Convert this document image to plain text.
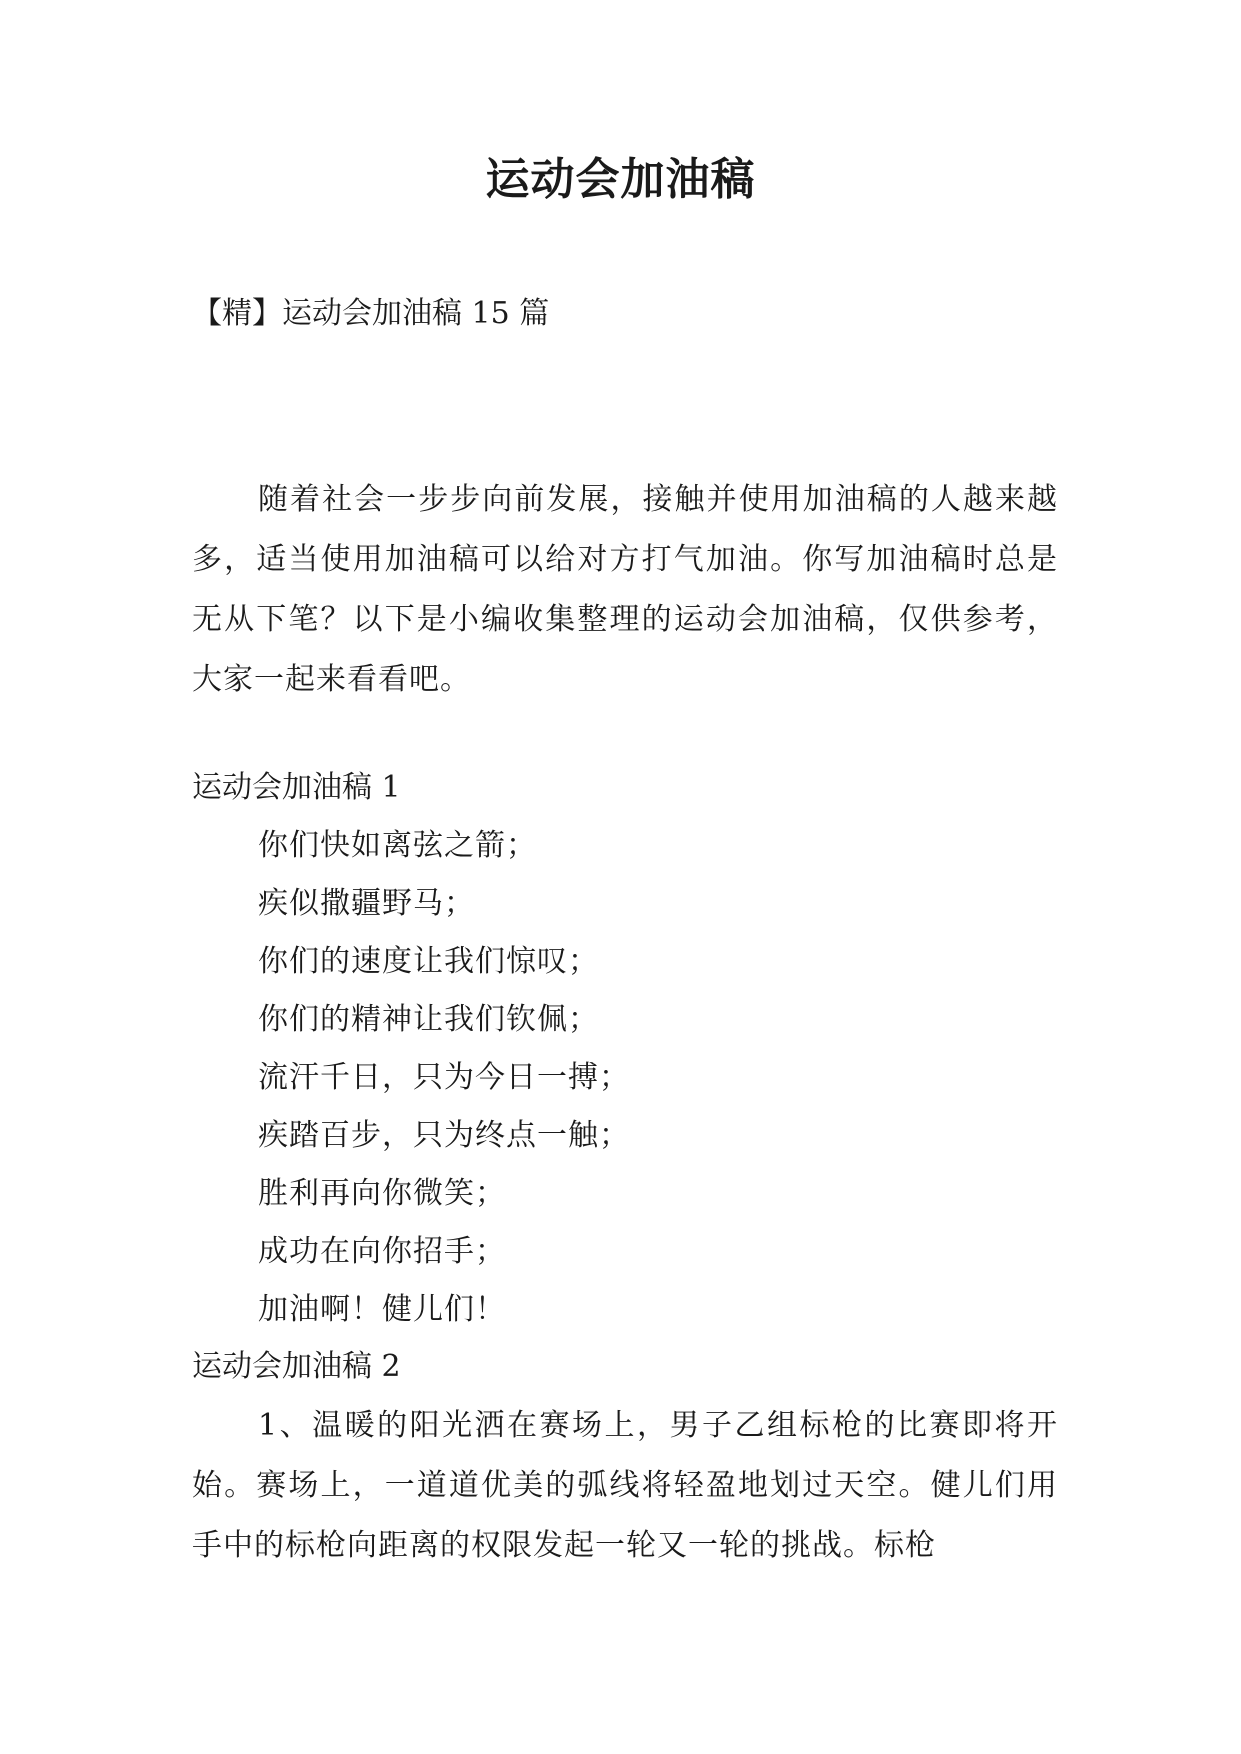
运动会加油稿
【精】运动会加油稿 15 篇

随着社会一步步向前发展，接触并使用加油稿的人越来越多，适当使用加油稿可以给对方打气加油。你写加油稿时总是无从下笔？以下是小编收集整理的运动会加油稿，仅供参考，大家一起来看看吧。

运动会加油稿 1

你们快如离弦之箭；

疾似撒疆野马；

你们的速度让我们惊叹；

你们的精神让我们钦佩；

流汗千日，只为今日一搏；

疾踏百步，只为终点一触；

胜利再向你微笑；

成功在向你招手；

加油啊！健儿们！

运动会加油稿 2

1、温暖的阳光洒在赛场上，男子乙组标枪的比赛即将开始。赛场上，一道道优美的弧线将轻盈地划过天空。健儿们用手中的标枪向距离的权限发起一轮又一轮的挑战。标枪
